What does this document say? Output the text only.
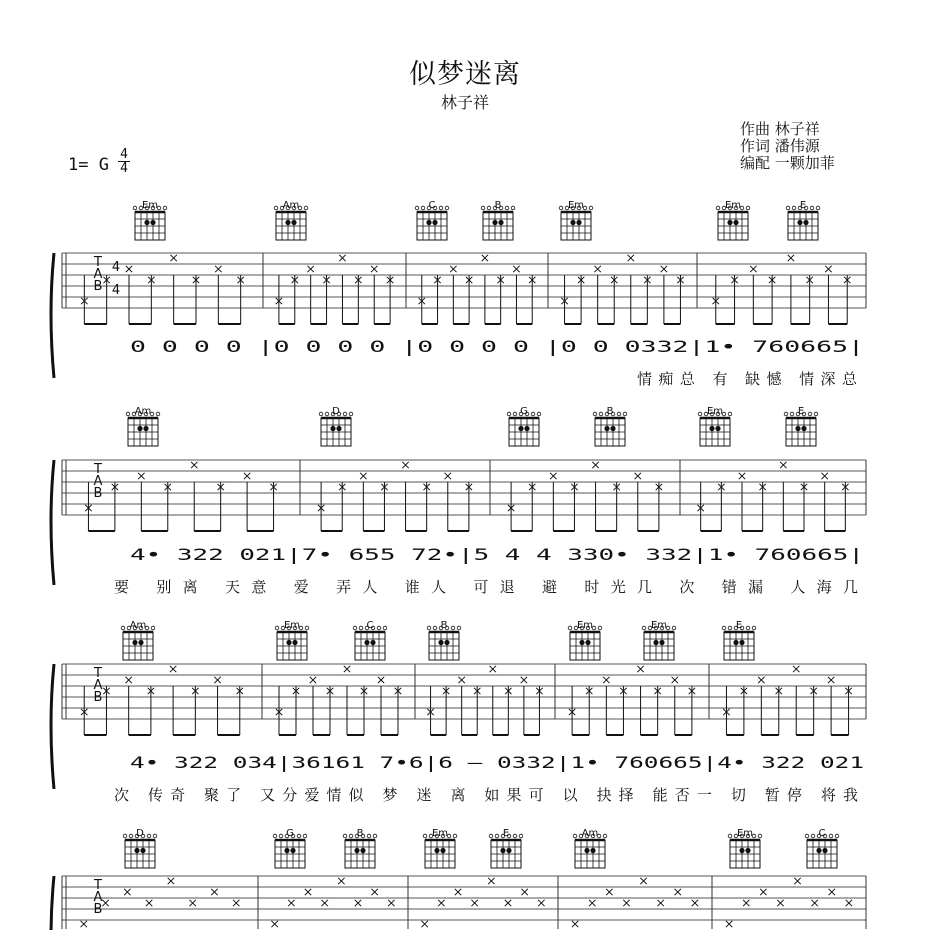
似梦迷离
林子祥
作曲 林子祥
作词 潘伟源
编配 一颗加菲
1= G
4
4
T
A
B
4
4
Em	Am	C	B	Em	Em	E
0 0 0 0 |0 0 0 0 |0 0 0 0 |0 0 0332|1• 760665|
情痴总 有 缺憾 情深总
T
A
B
Am	D	G	B	Em	E
4• 322 021|7• 655 72•|5 4 4 330• 332|1• 760665|
要 别离 天意 爱 弄人 谁人 可退 避 时光几 次 错漏 人海几
T
A
B
Am	Em	C	B	Em	Em	E
4• 322 034|36161 7•6|6 — 0332|1• 760665|4• 322 021
次 传奇 聚了 又分爱情似 梦 迷 离 如果可 以 抉择 能否一 切 暂停 将我
T
A
B
D	G	B	Em	E	Am	Em	C
